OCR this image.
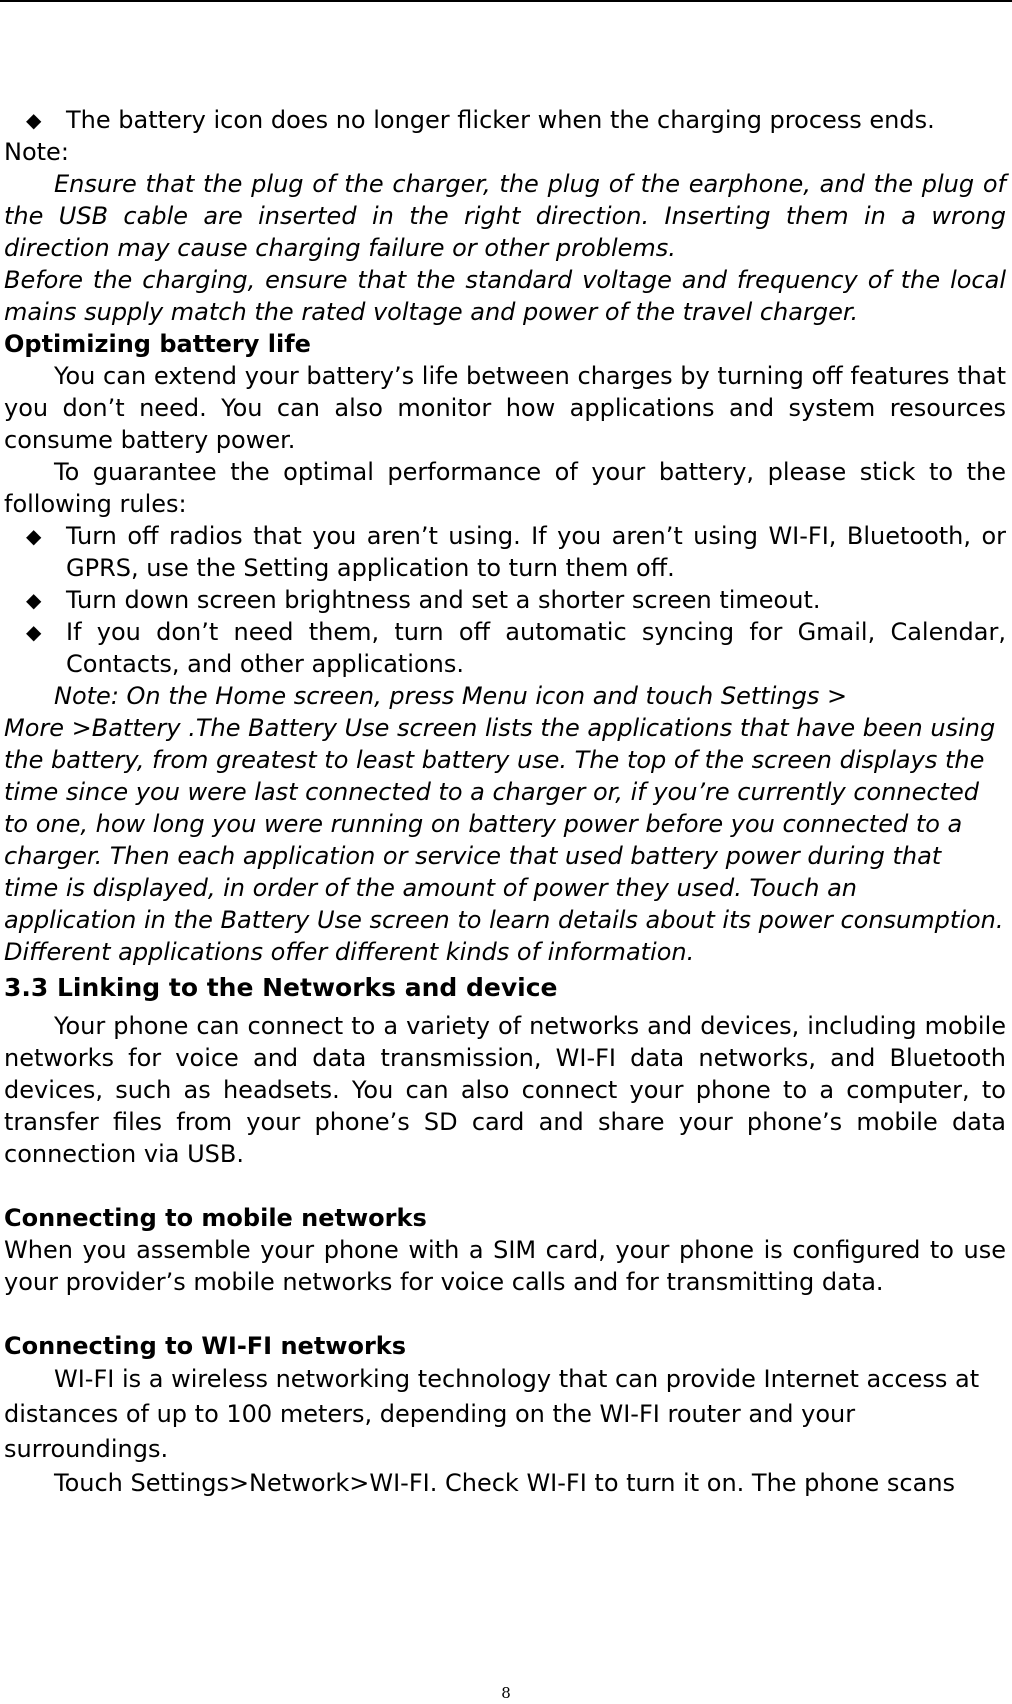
◆ The battery icon does no longer flicker when the charging process ends.

Note:

Ensure that the plug of the charger, the plug of the earphone, and the plug of the USB cable are inserted in the right direction. Inserting them in a wrong direction may cause charging failure or other problems.

Before the charging, ensure that the standard voltage and frequency of the local mains supply match the rated voltage and power of the travel charger.

Optimizing battery life

You can extend your battery’s life between charges by turning off features that you don’t need. You can also monitor how applications and system resources consume battery power.

To guarantee the optimal performance of your battery, please stick to the following rules:

◆ Turn off radios that you aren’t using. If you aren’t using WI-FI, Bluetooth, or GPRS, use the Setting application to turn them off.
◆ Turn down screen brightness and set a shorter screen timeout.
◆ If you don’t need them, turn off automatic syncing for Gmail, Calendar, Contacts, and other applications.

Note: On the Home screen, press Menu icon and touch Settings >

More >Battery .The Battery Use screen lists the applications that have been using

the battery, from greatest to least battery use. The top of the screen displays the

time since you were last connected to a charger or, if you’re currently connected

to one, how long you were running on battery power before you connected to a

charger. Then each application or service that used battery power during that

time is displayed, in order of the amount of power they used. Touch an

application in the Battery Use screen to learn details about its power consumption.

Different applications offer different kinds of information.

3.3 Linking to the Networks and device

Your phone can connect to a variety of networks and devices, including mobile networks for voice and data transmission, WI-FI data networks, and Bluetooth devices, such as headsets. You can also connect your phone to a computer, to transfer files from your phone’s SD card and share your phone’s mobile data connection via USB.

Connecting to mobile networks

When you assemble your phone with a SIM card, your phone is configured to use your provider’s mobile networks for voice calls and for transmitting data.

Connecting to WI-FI networks

WI-FI is a wireless networking technology that can provide Internet access at

distances of up to 100 meters, depending on the WI-FI router and your

surroundings.

Touch Settings>Network>WI-FI. Check WI-FI to turn it on. The phone scans

8
